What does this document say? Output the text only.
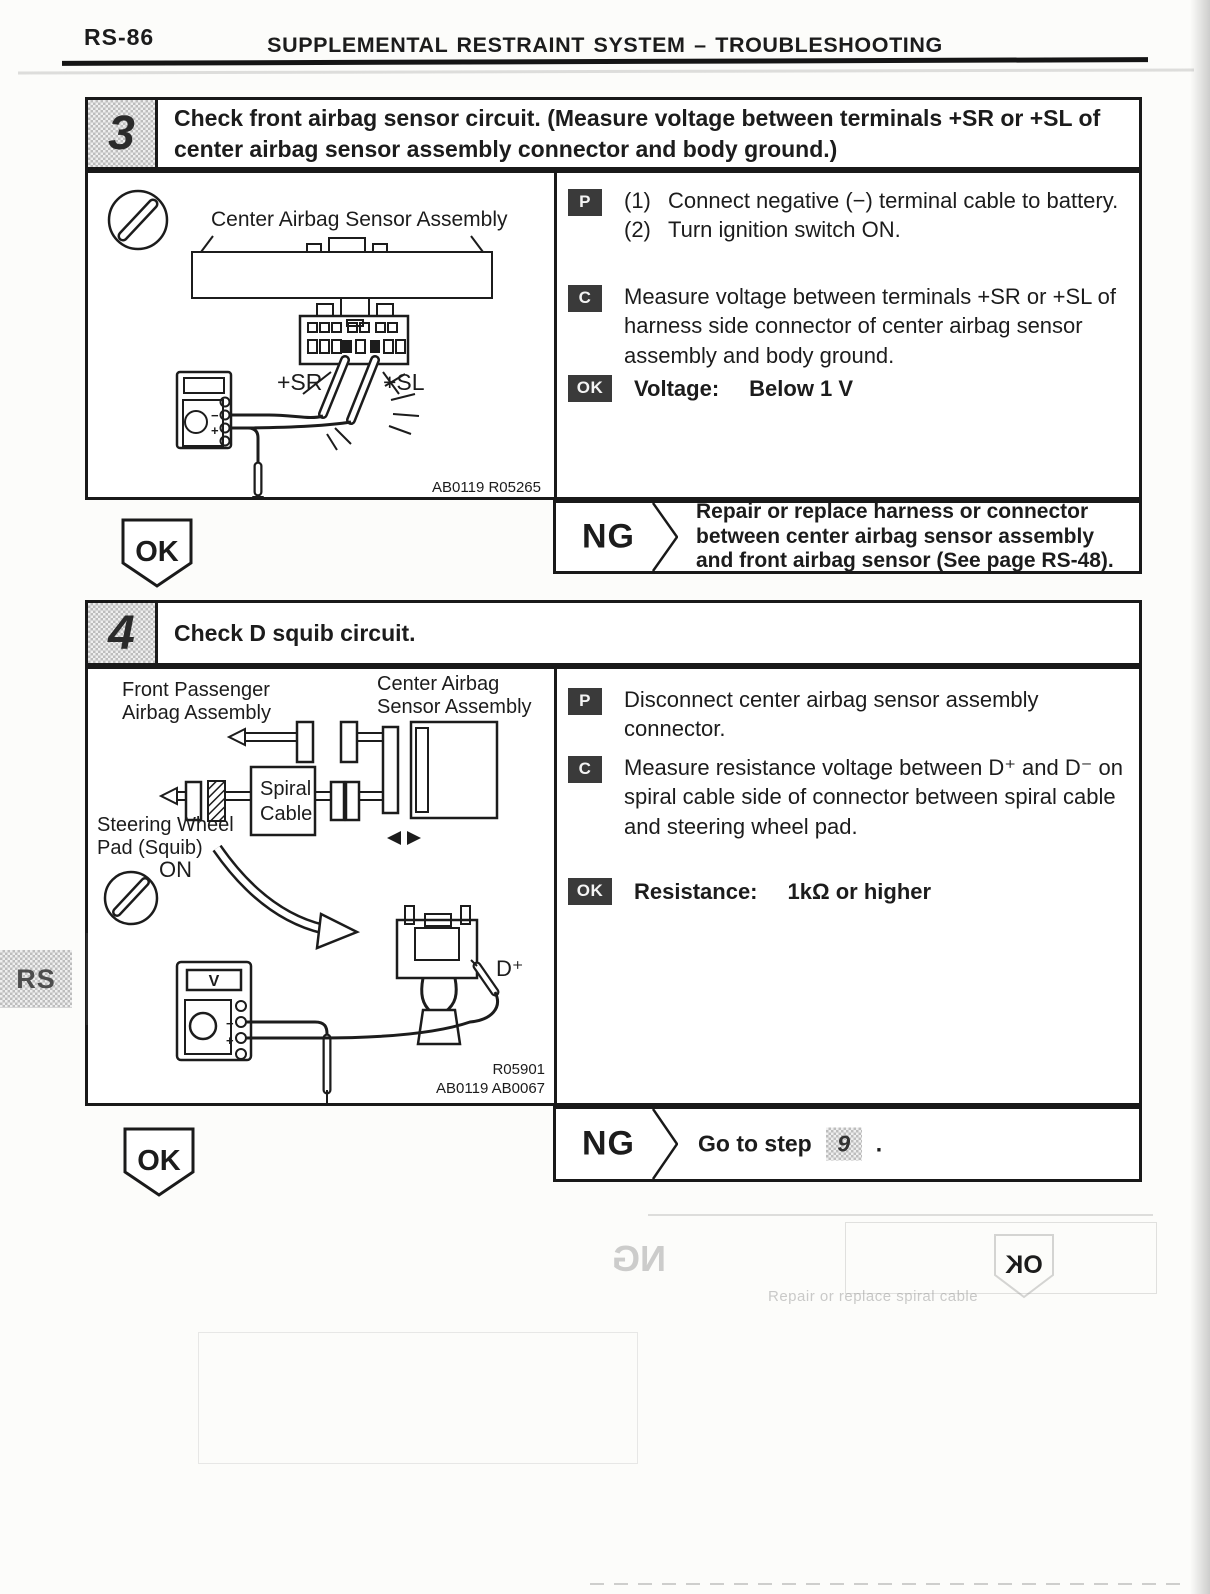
RS-86	SUPPLEMENTAL RESTRAINT SYSTEM – TROUBLESHOOTING
3	Check front airbag sensor circuit. (Measure voltage between terminals +SR or +SL of center airbag sensor assembly connector and body ground.)
Center Airbag Sensor Assembly
+SR	+SL
−
+
AB0119 R05265
P	(1) Connect negative (−) terminal cable to battery.
(2) Turn ignition switch ON.
C	Measure voltage between terminals +SR or +SL of harness side connector of center airbag sensor assembly and body ground.
OK	Voltage: Below 1 V
NG
Repair or replace harness or connector between center airbag sensor assembly and front airbag sensor (See page RS-48).
OK
4	Check D squib circuit.
Front Passenger
Airbag Assembly
Center Airbag
Sensor Assembly
Spiral
Cable
Steering Wheel
Pad (Squib)
ON
D⁺
V
−
+
R05901
AB0119 AB0067
P	Disconnect center airbag sensor assembly connector.
C	Measure resistance voltage between D⁺ and D⁻ on spiral cable side of connector between spiral cable and steering wheel pad.
OK	Resistance: 1kΩ or higher
NG	Go to step	9	.
OK
RS
NG	OK
Repair or replace spiral cable
